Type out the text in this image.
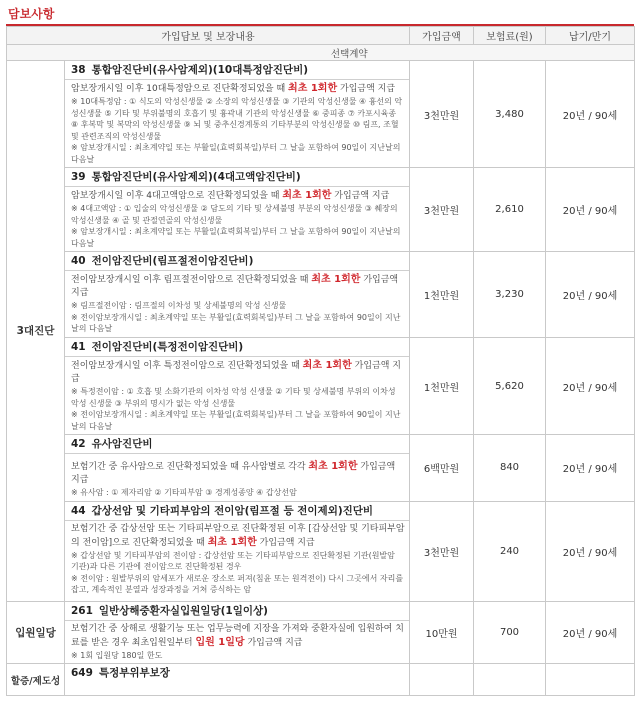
담보사항
가입담보 및 보장내용		가입금액	보험료(원)	납기/만기
	선택계약			
3대진단	38 통합암진단비(유사암제외)(10대특정암진단비)
암보장개시일 이후 10대특정암으로 진단확정되었을 때 최초 1회한 가입금액 지급
※ 10대특정암 : ① 식도의 악성신생물 ② 소장의 악성신생물 ③ 기관의 악성신생물 ④ 흉선의 악성신생물 ⑤ 기타 및 부위불명의 호흡기 및 흉곽내 기관의 악성신생물 ⑥ 중피종 ⑦ 카포시육종 ⑧ 후복막 및 복막의 악성신생물 ⑨ 뇌 및 중추신경계통의 기타부분의 악성신생물 ⑩ 림프, 조혈 및 관련조직의 악성신생물
※ 암보장개시일 : 최초계약일 또는 부활일(효력회복일)부터 그 날을 포함하여 90일이 지난날의 다음날	3천만원	3,480	20년 / 90세

	39 통합암진단비(유사암제외)(4대고액암진단비)
암보장개시일 이후 4대고액암으로 진단확정되었을 때 최초 1회한 가입금액 지급
※ 4대고액암 : ① 입술의 악성신생물 ② 담도의 기타 및 상세불명 부분의 악성신생물 ③ 췌장의 악성신생물 ④ 골 및 관절연골의 악성신생물
※ 암보장개시일 : 최초계약일 또는 부활일(효력회복일)부터 그 날을 포함하여 90일이 지난날의 다음날	3천만원	2,610	20년 / 90세

	40 전이암진단비(림프절전이암진단비)
전이암보장개시일 이후 림프절전이암으로 진단확정되었을 때 최초 1회한 가입금액 지급
※ 림프절전이암 : 림프절의 이차성 및 상세불명의 악성 신생물
※ 전이암보장개시일 : 최초계약일 또는 부활일(효력회복일)부터 그 날을 포함하여 90일이 지난날의 다음날	1천만원	3,230	20년 / 90세

	41 전이암진단비(특정전이암진단비)
전이암보장개시일 이후 특정전이암으로 진단확정되었을 때 최초 1회한 가입금액 지급
※ 특정전이암 : ① 호흡 및 소화기관의 이차성 악성 신생물 ② 기타 및 상세불명 부위의 이차성 악성 신생물 ③ 부위의 명시가 없는 악성 신생물
※ 전이암보장개시일 : 최초계약일 또는 부활일(효력회복일)부터 그 날을 포함하여 90일이 지난날의 다음날	1천만원	5,620	20년 / 90세

	42 유사암진단비
보험기간 중 유사암으로 진단확정되었을 때 유사암별로 각각 최초 1회한 가입금액 지급
※ 유사암 : ① 제자리암 ② 기타피부암 ③ 경계성종양 ④ 갑상선암	6백만원	840	20년 / 90세

	44 갑상선암 및 기타피부암의 전이암(림프절 등 전이제외)진단비
보험기간 중 갑상선암 또는 기타피부암으로 진단확정된 이후 [갑상선암 및 기타피부암의 전이암]으로 진단확정되었을 때 최초 1회한 가입금액 지급
※ 갑상선암 및 기타피부암의 전이암 : 갑상선암 또는 기타피부암으로 진단확정된 기관(원발암 기관)과 다른 기관에 전이암으로 진단확정된 경우
※ 전이암 : 원발부위의 암세포가 새로운 장소로 퍼져(침윤 또는 원격전이) 다시 그곳에서 자리를 잡고, 계속적인 분열과 성장과정을 거쳐 증식하는 암	3천만원	240	20년 / 90세
입원일당	261 일반상해중환자실입원일당(1일이상)
보험기간 중 상해로 생활기능 또는 업무능력에 지장을 가져와 중환자실에 입원하여 치료를 받은 경우 최초입원일부터 입원 1일당 가입금액 지급
※ 1회 입원당 180일 한도	10만원	700	20년 / 90세
할증/제도성	649 특정부위부보장			
